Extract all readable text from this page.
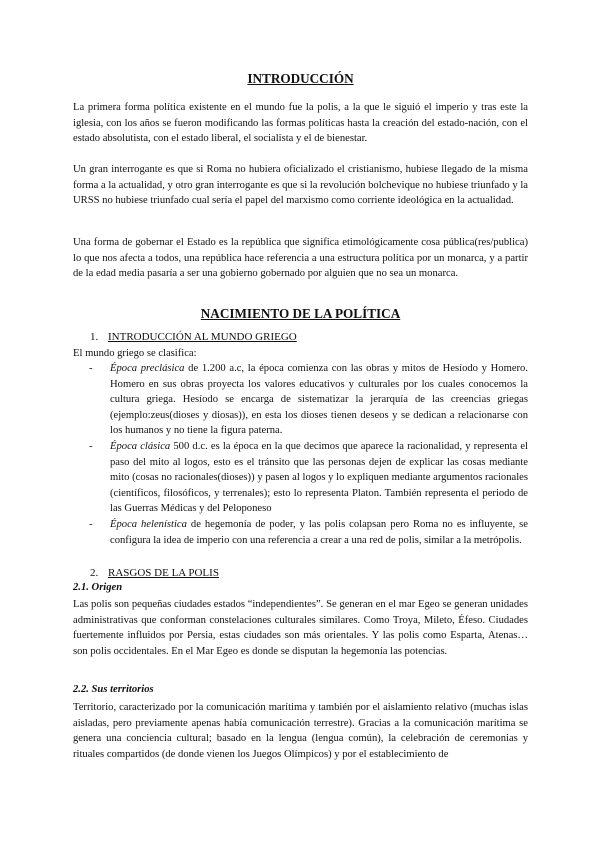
INTRODUCCIÓN

La primera forma política existente en el mundo fue la polis, a la que le siguió el imperio y tras este la iglesia, con los años se fueron modificando las formas políticas hasta la creación del estado-nación, con el estado absolutista, con el estado liberal, el socialista y el de bienestar.

Un gran interrogante es que si Roma no hubiera oficializado el cristianismo, hubiese llegado de la misma forma a la actualidad, y otro gran interrogante es que si la revolución bolchevique no hubiese triunfado y la URSS no hubiese triunfado cual sería el papel del marxismo como corriente ideológica en la actualidad.

Una forma de gobernar el Estado es la república que significa etimológicamente cosa pública(res/publica) lo que nos afecta a todos, una república hace referencia a una estructura política por un monarca, y a partir de la edad media pasaría a ser una gobierno gobernado por alguien que no sea un monarca.

NACIMIENTO DE LA POLÍTICA
1. INTRODUCCIÓN AL MUNDO GRIEGO

El mundo griego se clasifica:

- Época preclásica de 1.200 a.c, la época comienza con las obras y mitos de Hesíodo y Homero. Homero en sus obras proyecta los valores educativos y culturales por los cuales conocemos la cultura griega. Hesíodo se encarga de sistematizar la jerarquía de las creencias griegas (ejemplo:zeus(dioses y diosas)), en esta los dioses tienen deseos y se dedican a relacionarse con los humanos y no tiene la figura paterna.
- Época clásica 500 d.c. es la época en la que decimos que aparece la racionalidad, y representa el paso del mito al logos, esto es el tránsito que las personas dejen de explicar las cosas mediante mito (cosas no racionales(dioses)) y pasen al logos y lo expliquen mediante argumentos racionales (científicos, filosóficos, y terrenales); esto lo representa Platon. También representa el periodo de las Guerras Médicas y del Peloponeso
- Época helenística de hegemonía de poder, y las polis colapsan pero Roma no es influyente, se configura la idea de imperio con una referencia a crear a una red de polis, similar a la metrópolis.
2. RASGOS DE LA POLIS
2.1. Origen

Las polis son pequeñas ciudades estados “independientes”. Se generan en el mar Egeo se generan unidades administrativas que conforman constelaciones culturales similares. Como Troya, Mileto, Éfeso. Ciudades fuertemente influidos por Persia, estas ciudades son más orientales. Y las polis como Esparta, Atenas… son polis occidentales. En el Mar Egeo es donde se disputan la hegemonía las potencias.

2.2. Sus territorios

Territorio, caracterizado por la comunicación marítima y también por el aislamiento relativo (muchas islas aisladas, pero previamente apenas había comunicación terrestre). Gracias a la comunicación marítima se genera una conciencia cultural; basado en la lengua (lengua común), la celebración de ceremonias y rituales compartidos (de donde vienen los Juegos Olímpicos) y por el establecimiento de
